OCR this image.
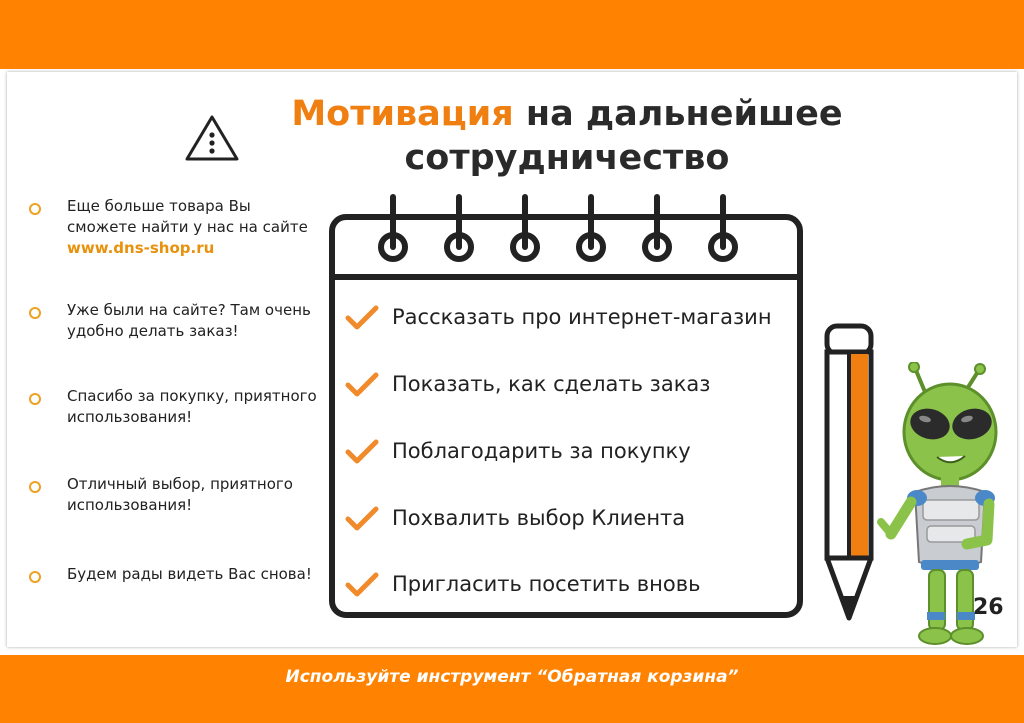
Мотивация на дальнейшее
сотрудничество
Еще больше товара Вы сможете найти у нас на сайте www.dns-shop.ru
Уже были на сайте? Там очень удобно делать заказ!
Спасибо за покупку, приятного использования!
Отличный выбор, приятного использования!
Будем рады видеть Вас снова!
Рассказать про интернет-магазин
Показать, как сделать заказ
Поблагодарить за покупку
Похвалить выбор Клиента
Пригласить посетить вновь
26
Используйте инструмент “Обратная корзина”
